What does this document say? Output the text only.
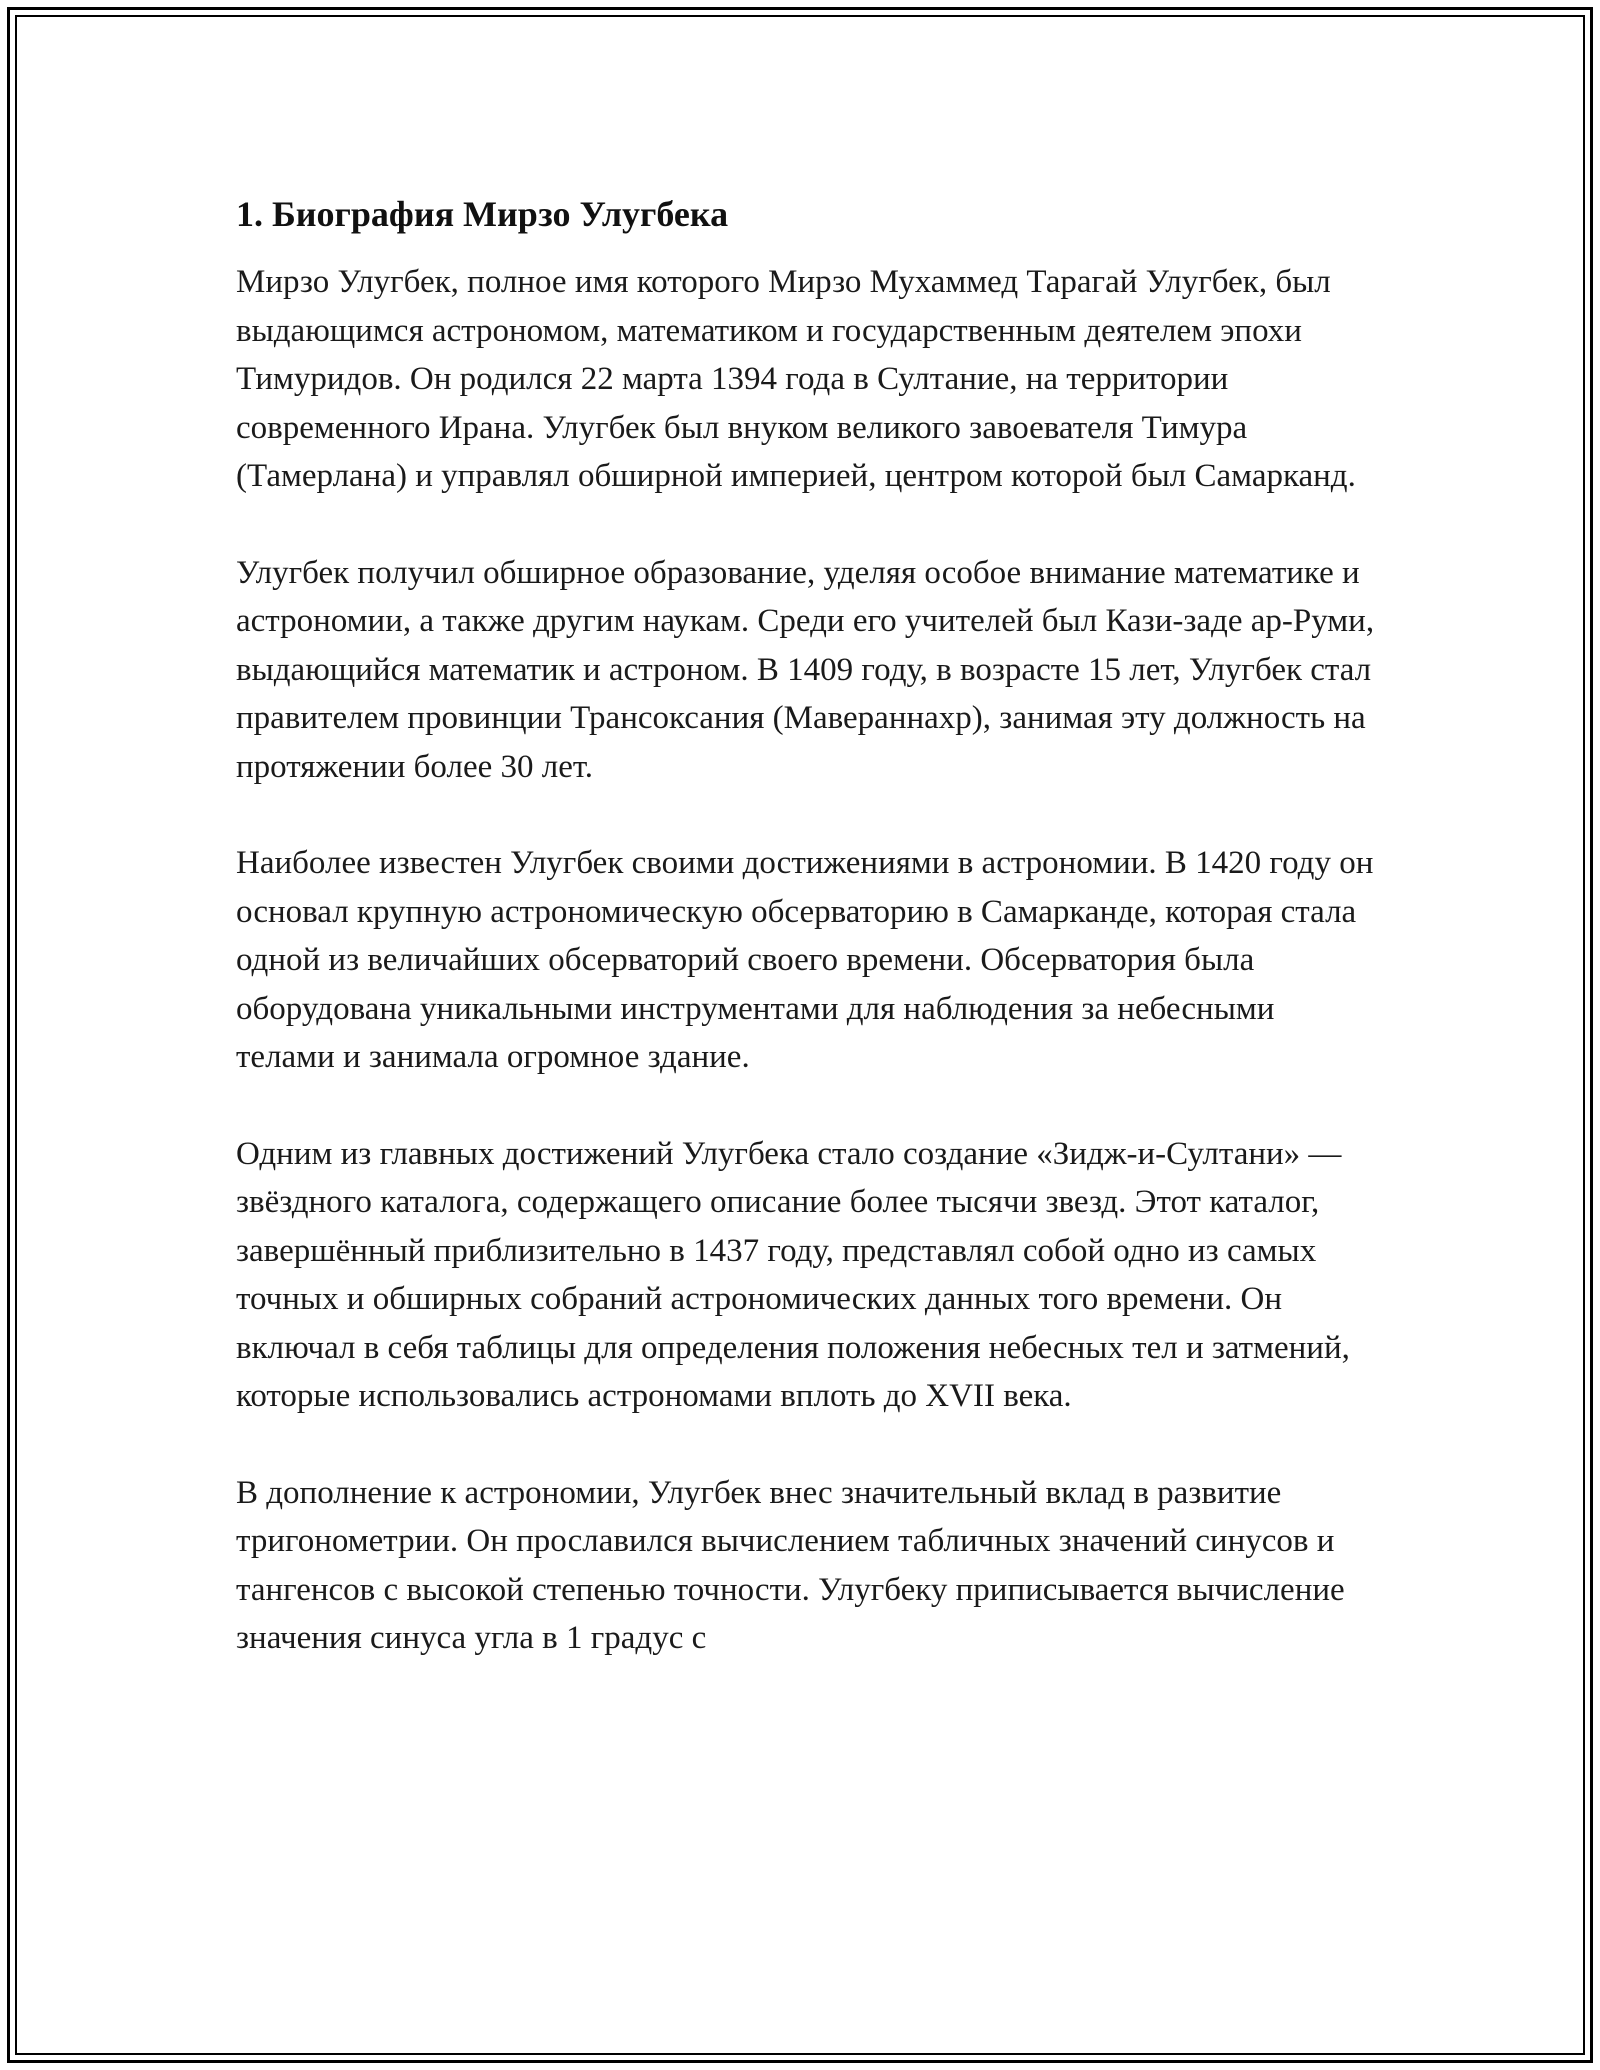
1. Биография Мирзо Улугбека

Мирзо Улугбек, полное имя которого Мирзо Мухаммед Тарагай Улугбек, был выдающимся астрономом, математиком и государственным деятелем эпохи Тимуридов. Он родился 22 марта 1394 года в Султание, на территории современного Ирана. Улугбек был внуком великого завоевателя Тимура (Тамерлана) и управлял обширной империей, центром которой был Самарканд.

Улугбек получил обширное образование, уделяя особое внимание математике и астрономии, а также другим наукам. Среди его учителей был Кази-заде ар-Руми, выдающийся математик и астроном. В 1409 году, в возрасте 15 лет, Улугбек стал правителем провинции Трансоксания (Мавераннахр), занимая эту должность на протяжении более 30 лет.

Наиболее известен Улугбек своими достижениями в астрономии. В 1420 году он основал крупную астрономическую обсерваторию в Самарканде, которая стала одной из величайших обсерваторий своего времени. Обсерватория была оборудована уникальными инструментами для наблюдения за небесными телами и занимала огромное здание.

Одним из главных достижений Улугбека стало создание «Зидж-и-Султани» — звёздного каталога, содержащего описание более тысячи звезд. Этот каталог, завершённый приблизительно в 1437 году, представлял собой одно из самых точных и обширных собраний астрономических данных того времени. Он включал в себя таблицы для определения положения небесных тел и затмений, которые использовались астрономами вплоть до XVII века.

В дополнение к астрономии, Улугбек внес значительный вклад в развитие тригонометрии. Он прославился вычислением табличных значений синусов и тангенсов с высокой степенью точности. Улугбеку приписывается вычисление значения синуса угла в 1 градус с
